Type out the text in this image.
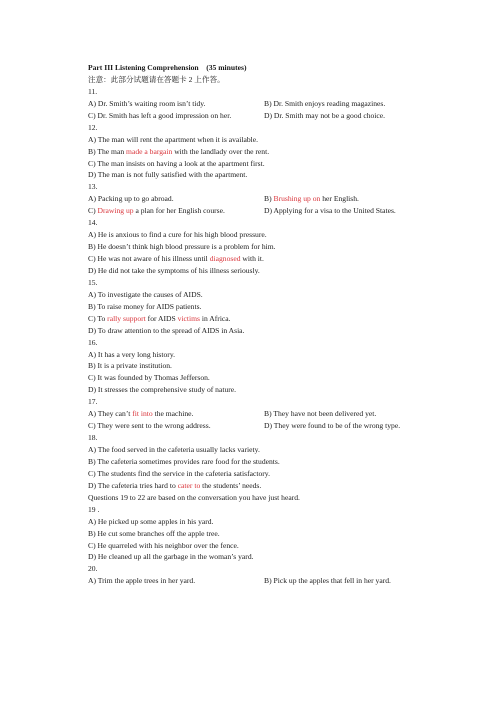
Part III Listening Comprehension　(35 minutes)
注意：此部分试题请在答题卡 2 上作答。
11.
A) Dr. Smith’s waiting room isn’t tidy.	B) Dr. Smith enjoys reading magazines.
C) Dr. Smith has left a good impression on her.	D) Dr. Smith may not be a good choice.
12.
A) The man will rent the apartment when it is available.
B) The man made a bargain with the landlady over the rent.
C) The man insists on having a look at the apartment first.
D) The man is not fully satisfied with the apartment.
13.
A) Packing up to go abroad.	B) Brushing up on her English.
C) Drawing up a plan for her English course.	D) Applying for a visa to the United States.
14.
A) He is anxious to find a cure for his high blood pressure.
B) He doesn’t think high blood pressure is a problem for him.
C) He was not aware of his illness until diagnosed with it.
D) He did not take the symptoms of his illness seriously.
15.
A) To investigate the causes of AIDS.
B) To raise money for AIDS patients.
C) To rally support for AIDS victims in Africa.
D) To draw attention to the spread of AIDS in Asia.
16.
A) It has a very long history.
B) It is a private institution.
C) It was founded by Thomas Jefferson.
D) It stresses the comprehensive study of nature.
17.
A) They can’t fit into the machine.	B) They have not been delivered yet.
C) They were sent to the wrong address.	D) They were found to be of the wrong type.
18.
A) The food served in the cafeteria usually lacks variety.
B) The cafeteria sometimes provides rare food for the students.
C) The students find the service in the cafeteria satisfactory.
D) The cafeteria tries hard to cater to the students’ needs.
Questions 19 to 22 are based on the conversation you have just heard.
19 .
A) He picked up some apples in his yard.
B) He cut some branches off the apple tree.
C) He quarreled with his neighbor over the fence.
D) He cleaned up all the garbage in the woman’s yard.
20.
A) Trim the apple trees in her yard.	B) Pick up the apples that fell in her yard.
